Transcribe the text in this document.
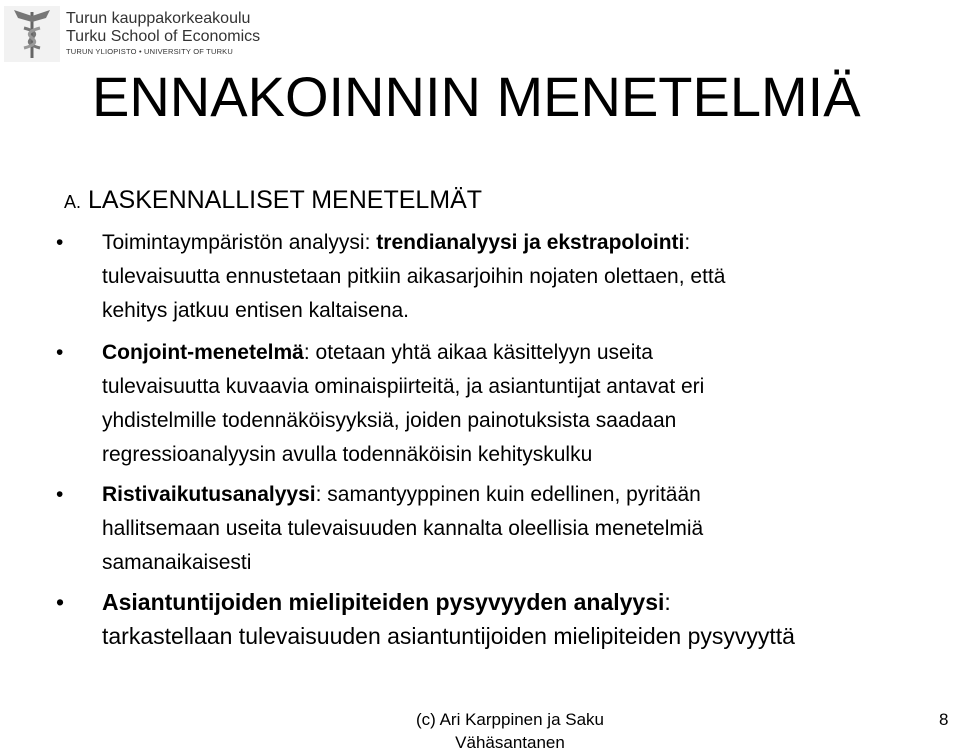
Turun kauppakorkeakoulu
Turku School of Economics
TURUN YLIOPISTO • UNIVERSITY OF TURKU
ENNAKOINNIN MENETELMIÄ
A. LASKENNALLISET MENETELMÄT
• Toimintaympäristön analyysi: trendianalyysi ja ekstrapolointi:
tulevaisuutta ennustetaan pitkiin aikasarjoihin nojaten olettaen, että
kehitys jatkuu entisen kaltaisena.
• Conjoint-menetelmä: otetaan yhtä aikaa käsittelyyn useita
tulevaisuutta kuvaavia ominaispiirteitä, ja asiantuntijat antavat eri
yhdistelmille todennäköisyyksiä, joiden painotuksista saadaan
regressioanalyysin avulla todennäköisin kehityskulku
• Ristivaikutusanalyysi: samantyyppinen kuin edellinen, pyritään
hallitsemaan useita tulevaisuuden kannalta oleellisia menetelmiä
samanaikaisesti
• Asiantuntijoiden mielipiteiden pysyvyyden analyysi:
tarkastellaan tulevaisuuden asiantuntijoiden mielipiteiden pysyvyyttä
(c) Ari Karppinen ja Saku
Vähäsantanen
8
